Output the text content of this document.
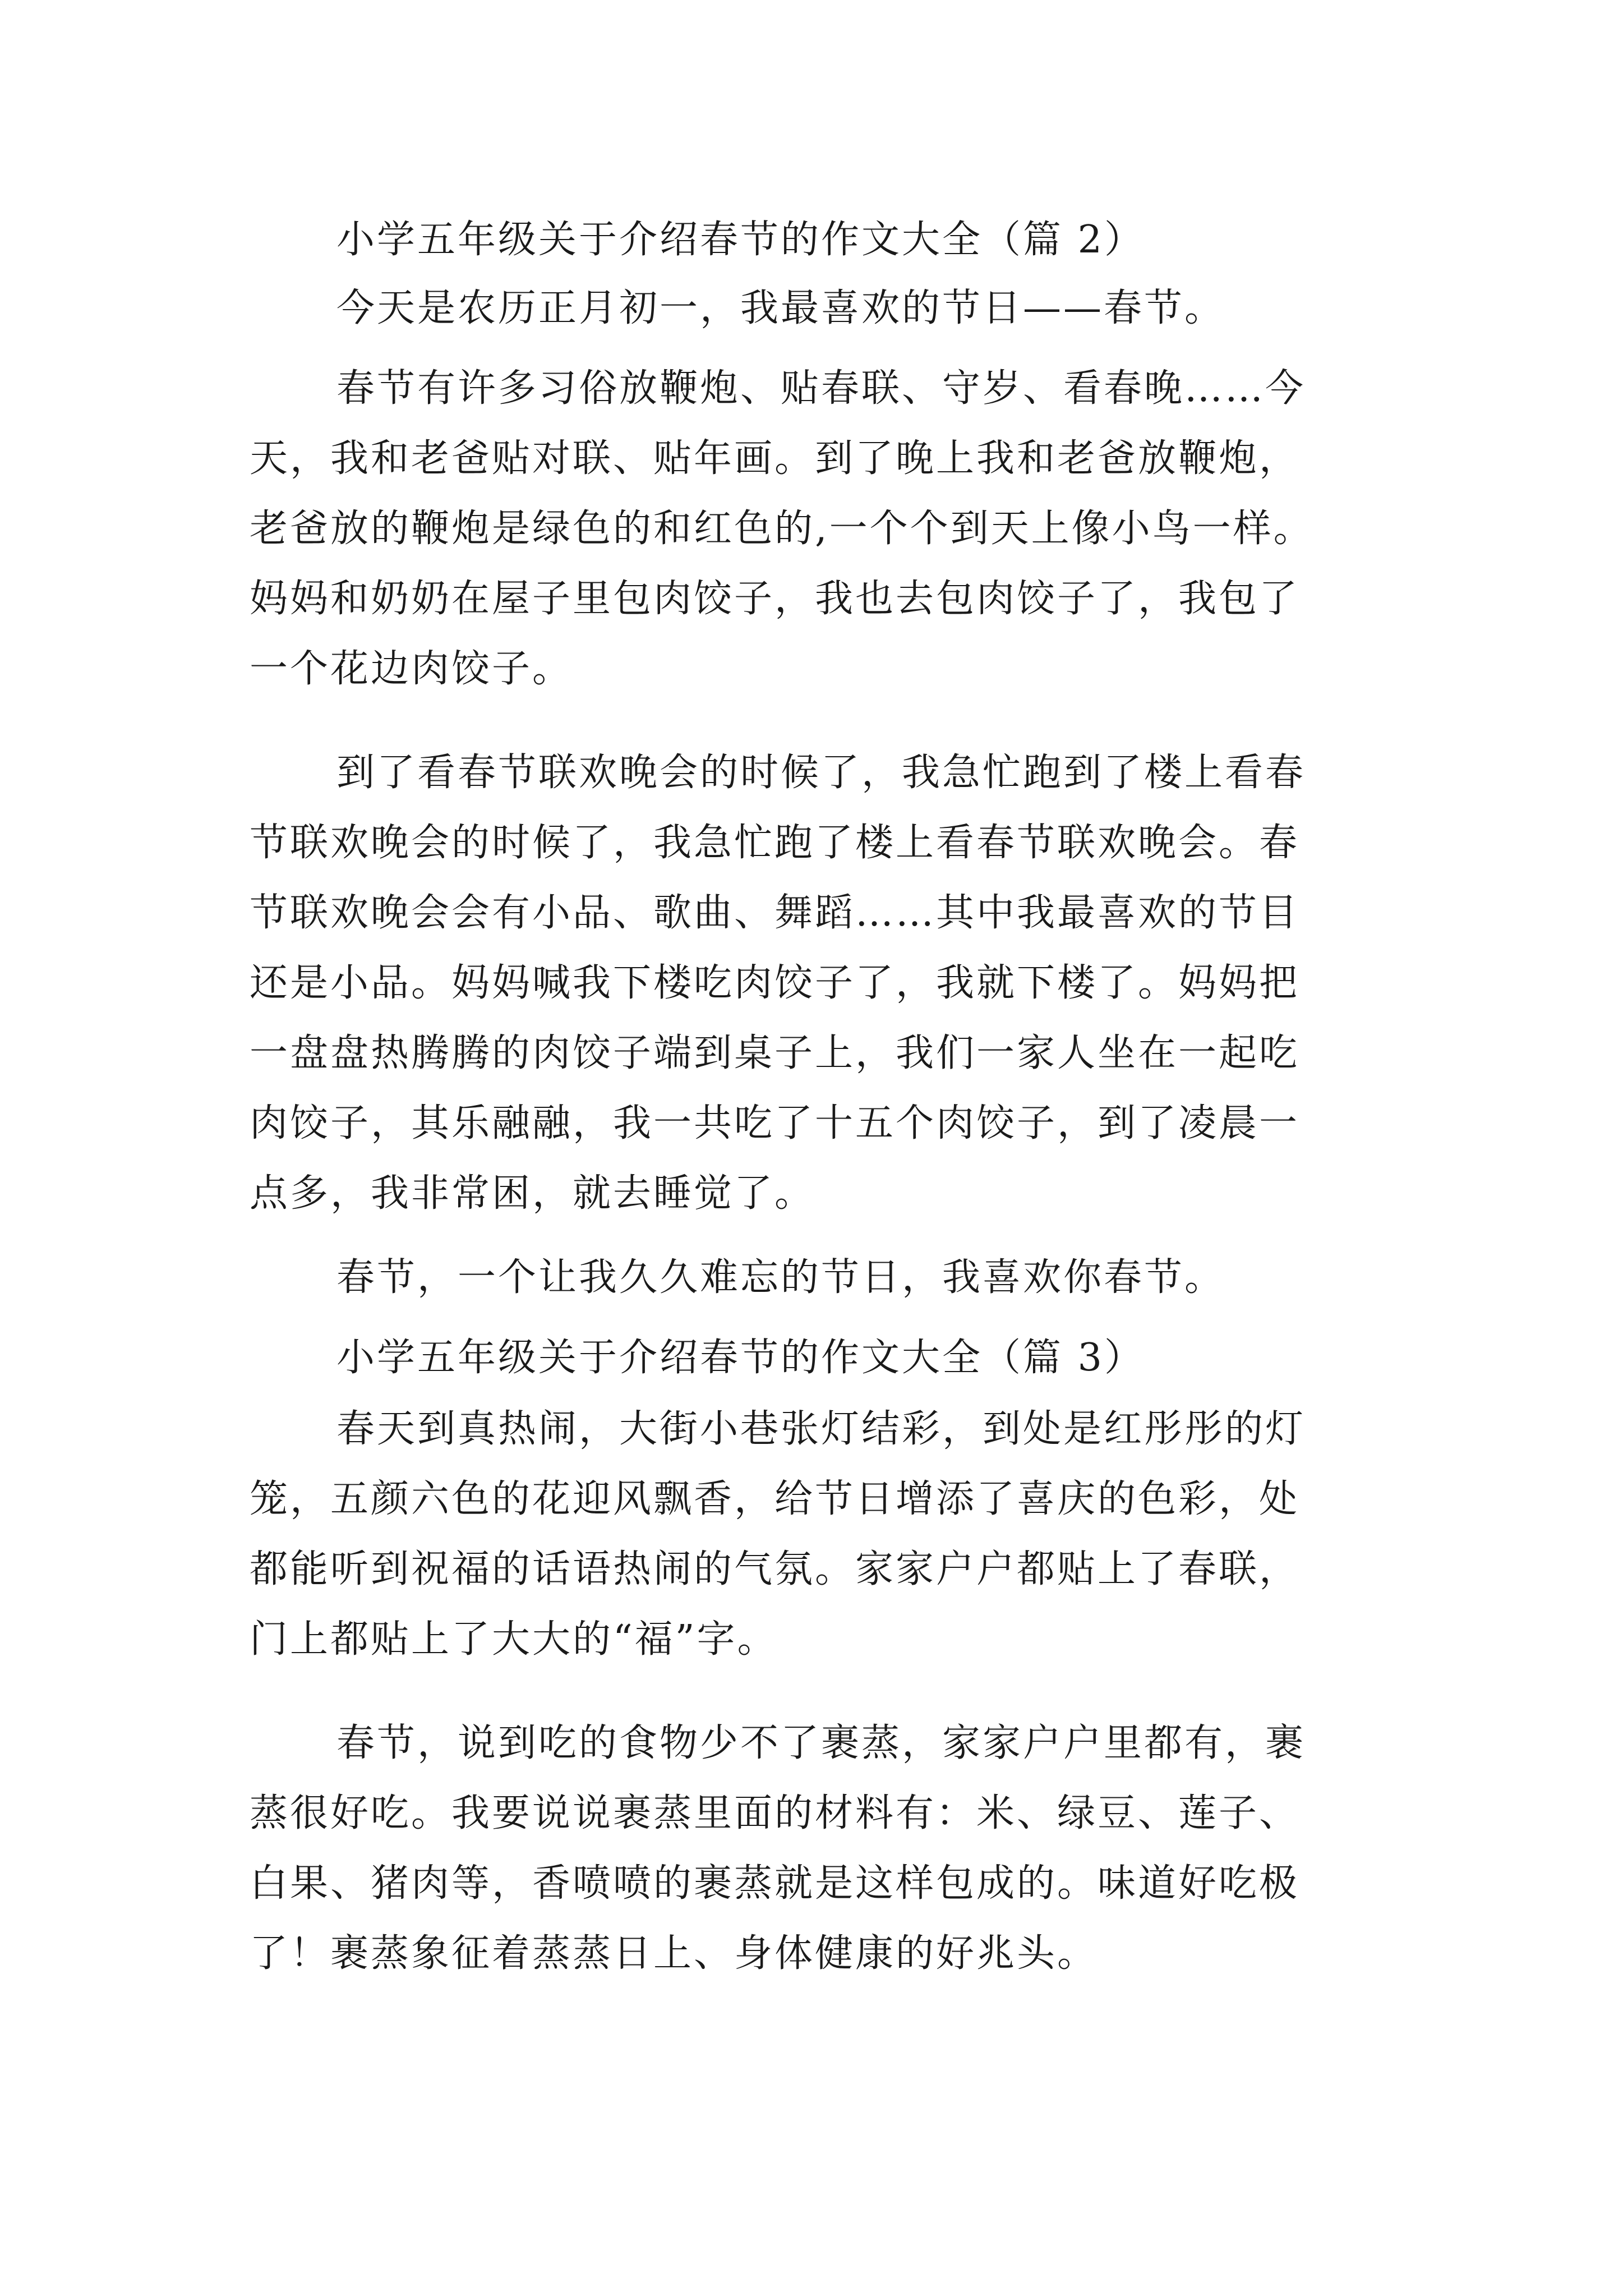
小学五年级关于介绍春节的作文大全（篇 2）
今天是农历正月初一，我最喜欢的节日——春节。
春节有许多习俗放鞭炮、贴春联、守岁、看春晚……今
天，我和老爸贴对联、贴年画。到了晚上我和老爸放鞭炮，
老爸放的鞭炮是绿色的和红色的,一个个到天上像小鸟一样。
妈妈和奶奶在屋子里包肉饺子，我也去包肉饺子了，我包了
一个花边肉饺子。
到了看春节联欢晚会的时候了，我急忙跑到了楼上看春
节联欢晚会的时候了，我急忙跑了楼上看春节联欢晚会。春
节联欢晚会会有小品、歌曲、舞蹈……其中我最喜欢的节目
还是小品。妈妈喊我下楼吃肉饺子了，我就下楼了。妈妈把
一盘盘热腾腾的肉饺子端到桌子上，我们一家人坐在一起吃
肉饺子，其乐融融，我一共吃了十五个肉饺子，到了凌晨一
点多，我非常困，就去睡觉了。
春节，一个让我久久难忘的节日，我喜欢你春节。
小学五年级关于介绍春节的作文大全（篇 3）
春天到真热闹，大街小巷张灯结彩，到处是红彤彤的灯
笼，五颜六色的花迎风飘香，给节日增添了喜庆的色彩，处
都能听到祝福的话语热闹的气氛。家家户户都贴上了春联，
门上都贴上了大大的“福”字。
春节，说到吃的食物少不了裹蒸，家家户户里都有，裹
蒸很好吃。我要说说裹蒸里面的材料有：米、绿豆、莲子、
白果、猪肉等，香喷喷的裹蒸就是这样包成的。味道好吃极
了！裹蒸象征着蒸蒸日上、身体健康的好兆头。
